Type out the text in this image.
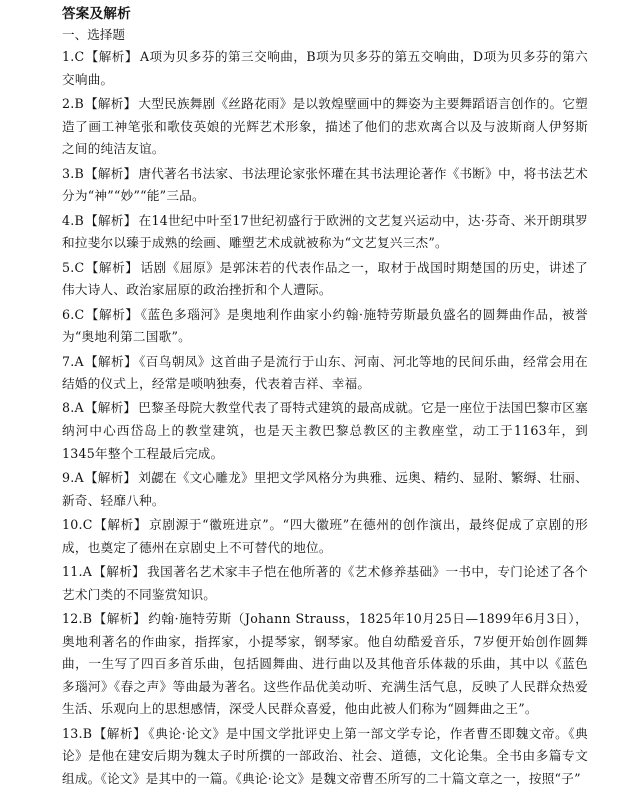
答案及解析

一、选择题

1.C【解析】 A项为贝多芬的第三交响曲，B项为贝多芬的第五交响曲，D项为贝多芬的第六交响曲。

2.B【解析】 大型民族舞剧《丝路花雨》是以敦煌壁画中的舞姿为主要舞蹈语言创作的。它塑造了画工神笔张和歌伎英娘的光辉艺术形象，描述了他们的悲欢离合以及与波斯商人伊努斯之间的纯洁友谊。

3.B【解析】 唐代著名书法家、书法理论家张怀瓘在其书法理论著作《书断》中，将书法艺术分为“神”“妙”“能”三品。

4.B【解析】 在14世纪中叶至17世纪初盛行于欧洲的文艺复兴运动中，达·芬奇、米开朗琪罗和拉斐尔以臻于成熟的绘画、雕塑艺术成就被称为“文艺复兴三杰”。

5.C【解析】 话剧《屈原》是郭沫若的代表作品之一，取材于战国时期楚国的历史，讲述了伟大诗人、政治家屈原的政治挫折和个人遭际。

6.C【解析】 《蓝色多瑙河》是奥地利作曲家小约翰·施特劳斯最负盛名的圆舞曲作品，被誉为“奥地利第二国歌”。

7.A【解析】 《百鸟朝凤》这首曲子是流行于山东、河南、河北等地的民间乐曲，经常会用在结婚的仪式上，经常是唢呐独奏，代表着吉祥、幸福。

8.A【解析】 巴黎圣母院大教堂代表了哥特式建筑的最高成就。它是一座位于法国巴黎市区塞纳河中心西岱岛上的教堂建筑，也是天主教巴黎总教区的主教座堂，动工于1163年，到1345年整个工程最后完成。

9.A【解析】 刘勰在《文心雕龙》里把文学风格分为典雅、远奥、精约、显附、繁缛、壮丽、新奇、轻靡八种。

10.C【解析】 京剧源于“徽班进京”。“四大徽班”在德州的创作演出，最终促成了京剧的形成，也奠定了德州在京剧史上不可替代的地位。

11.A【解析】 我国著名艺术家丰子恺在他所著的《艺术修养基础》一书中，专门论述了各个艺术门类的不同鉴赏知识。

12.B【解析】 约翰·施特劳斯（Johann Strauss，1825年10月25日—1899年6月3日），奥地利著名的作曲家，指挥家，小提琴家，钢琴家。他自幼酷爱音乐，7岁便开始创作圆舞曲，一生写了四百多首乐曲，包括圆舞曲、进行曲以及其他音乐体裁的乐曲，其中以《蓝色多瑙河》《春之声》等曲最为著名。这些作品优美动听、充满生活气息，反映了人民群众热爱生活、乐观向上的思想感情，深受人民群众喜爱，他由此被人们称为“圆舞曲之王”。

13.B【解析】 《典论·论文》是中国文学批评史上第一部文学专论，作者曹丕即魏文帝。《典论》是他在建安后期为魏太子时所撰的一部政治、社会、道德，文化论集。全书由多篇专文组成。《论文》是其中的一篇。《典论·论文》是魏文帝曹丕所写的二十篇文章之一，按照“子”
